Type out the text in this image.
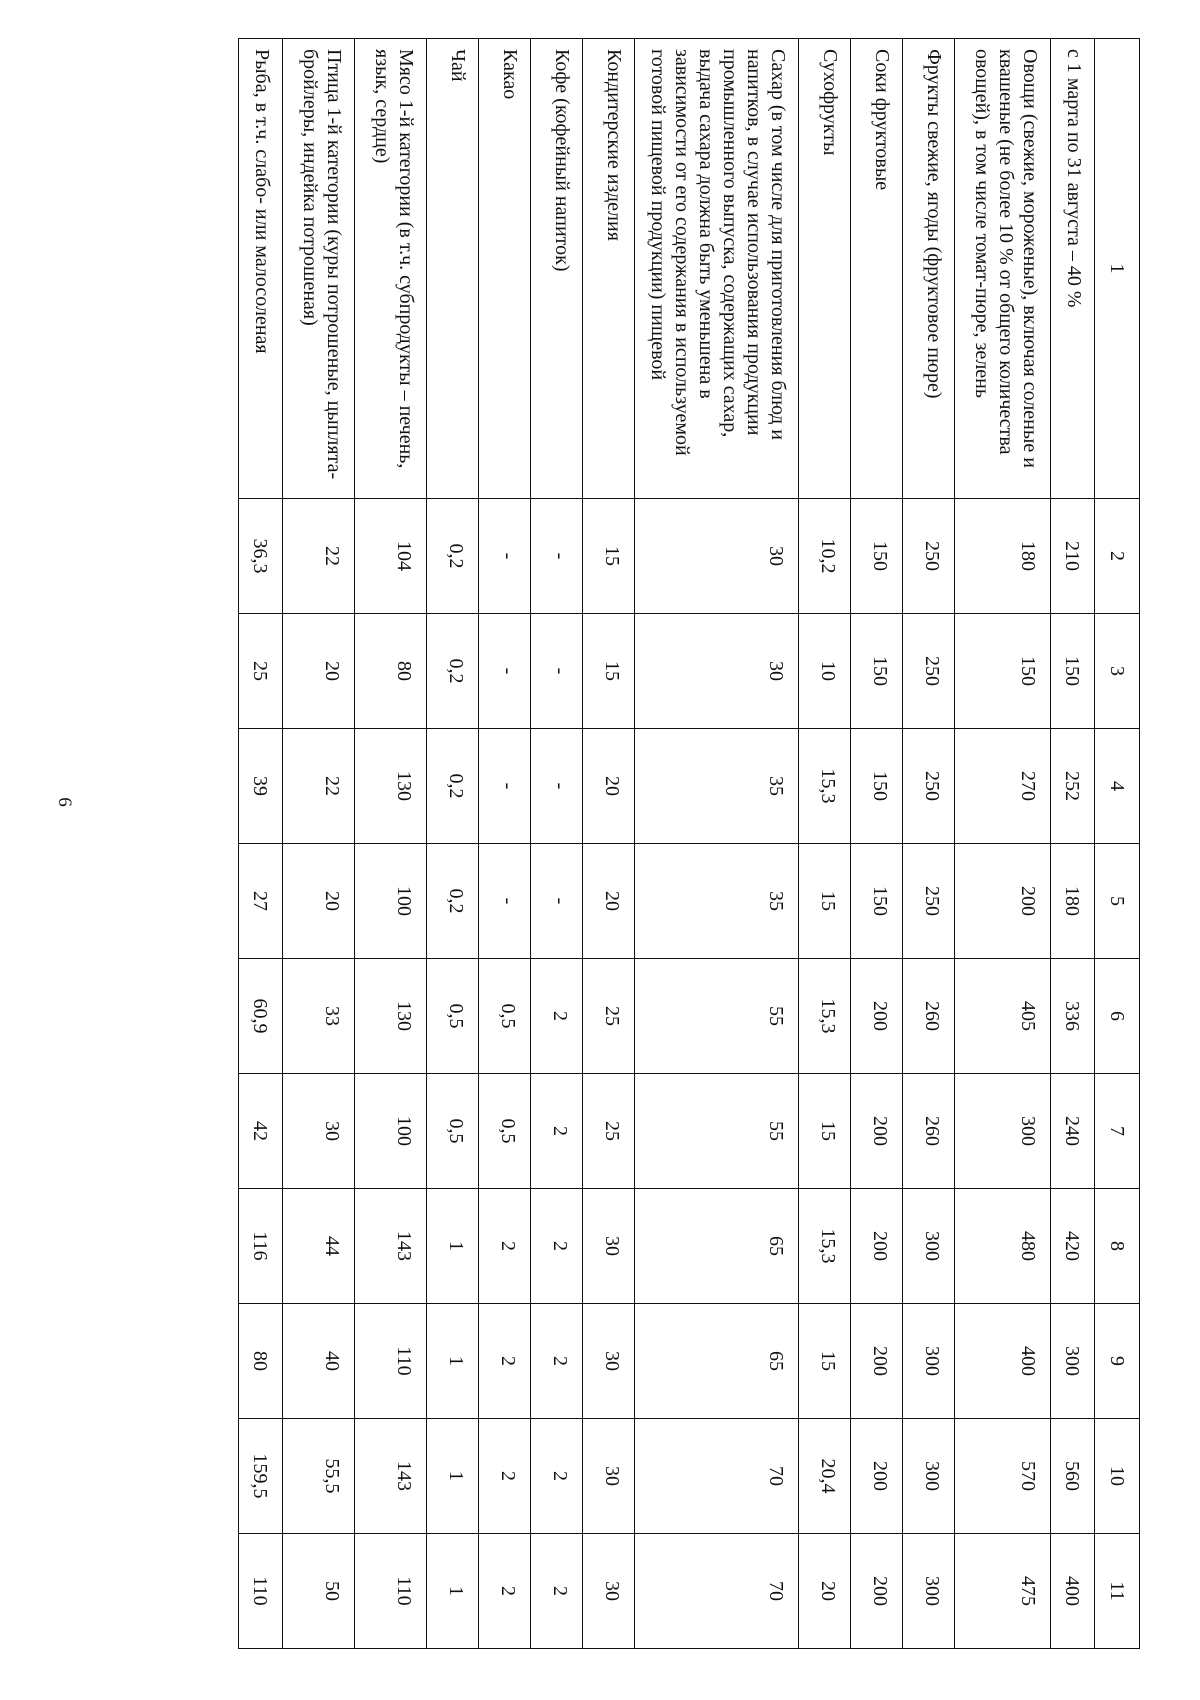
6
1	2	3	4	5	6	7	8	9	10	11
с 1 марта по 31 августа – 40 %	210	150	252	180	336	240	420	300	560	400
Овощи (свежие, мороженые), включая соленые и квашеные (не более 10 % от общего количества овощей), в том числе томат-пюре, зелень	180	150	270	200	405	300	480	400	570	475
Фрукты свежие, ягоды (фруктовое пюре)	250	250	250	250	260	260	300	300	300	300
Соки фруктовые	150	150	150	150	200	200	200	200	200	200
Сухофрукты	10,2	10	15,3	15	15,3	15	15,3	15	20,4	20
Сахар (в том числе для приготовления блюд и напитков, в случае использования продукции промышленного выпуска, содержащих сахар, выдача сахара должна быть уменьшена в зависимости от его содержания в используемой готовой пищевой продукции) пищевой	30	30	35	35	55	55	65	65	70	70
Кондитерские изделия	15	15	20	20	25	25	30	30	30	30
Кофе (кофейный напиток)	-	-	-	-	2	2	2	2	2	2
Какао	-	-	-	-	0,5	0,5	2	2	2	2
Чай	0,2	0,2	0,2	0,2	0,5	0,5	1	1	1	1
Мясо 1-й категории (в т.ч. субпродукты – печень, язык, сердце)	104	80	130	100	130	100	143	110	143	110
Птица 1-й категории (куры потрошеные, цыплята-бройлеры, индейка потрошеная)	22	20	22	20	33	30	44	40	55,5	50
Рыба, в т.ч. слабо- или малосоленая	36,3	25	39	27	60,9	42	116	80	159,5	110
